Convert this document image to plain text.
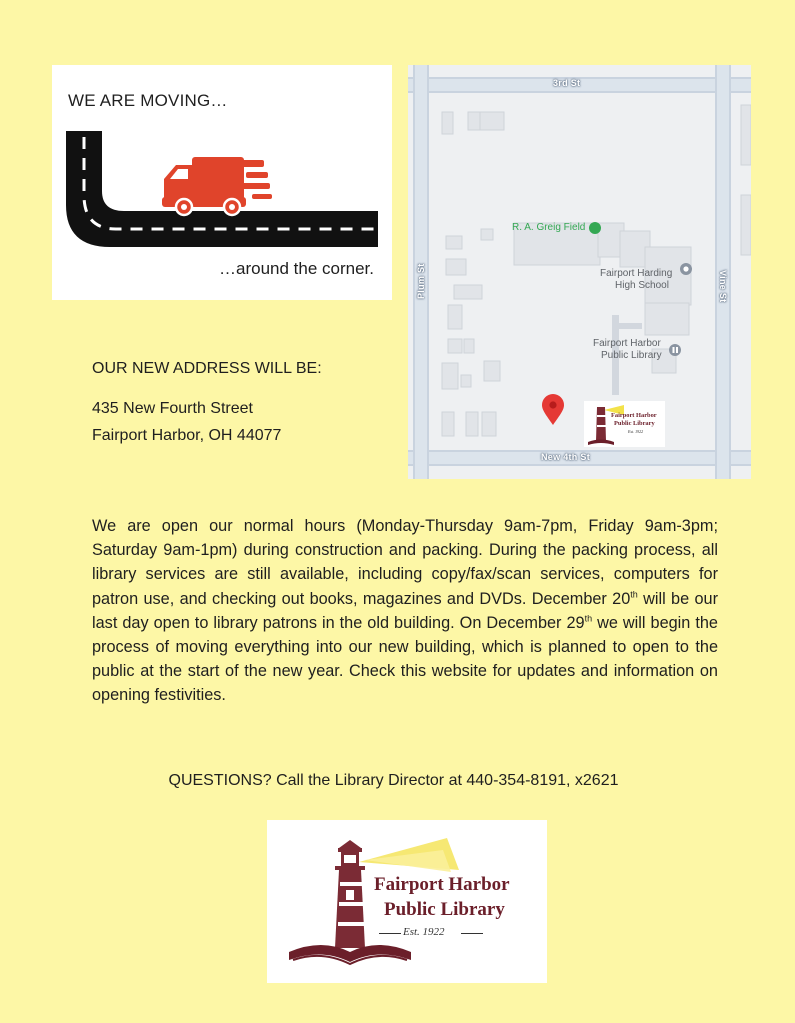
WE ARE MOVING…
…around the corner.
3rd St
New 4th St
Plum St	Vine St
R. A. Greig Field
Fairport Harding
High School
Fairport Harbor
Public Library
Fairport Harbor
Public Library
Est. 1922
OUR NEW ADDRESS WILL BE:
435 New Fourth Street
Fairport Harbor, OH 44077

We are open our normal hours (Monday-Thursday 9am-7pm, Friday 9am-3pm; Saturday 9am-1pm) during construction and packing. During the packing process, all library services are still available, including copy/fax/scan services, computers for patron use, and checking out books, magazines and DVDs. December 20th will be our last day open to library patrons in the old building. On December 29th we will begin the process of moving everything into our new building, which is planned to open to the public at the start of the new year. Check this website for updates and information on opening festivities.

QUESTIONS? Call the Library Director at 440-354-8191, x2621
Fairport Harbor
Public Library
Est. 1922
